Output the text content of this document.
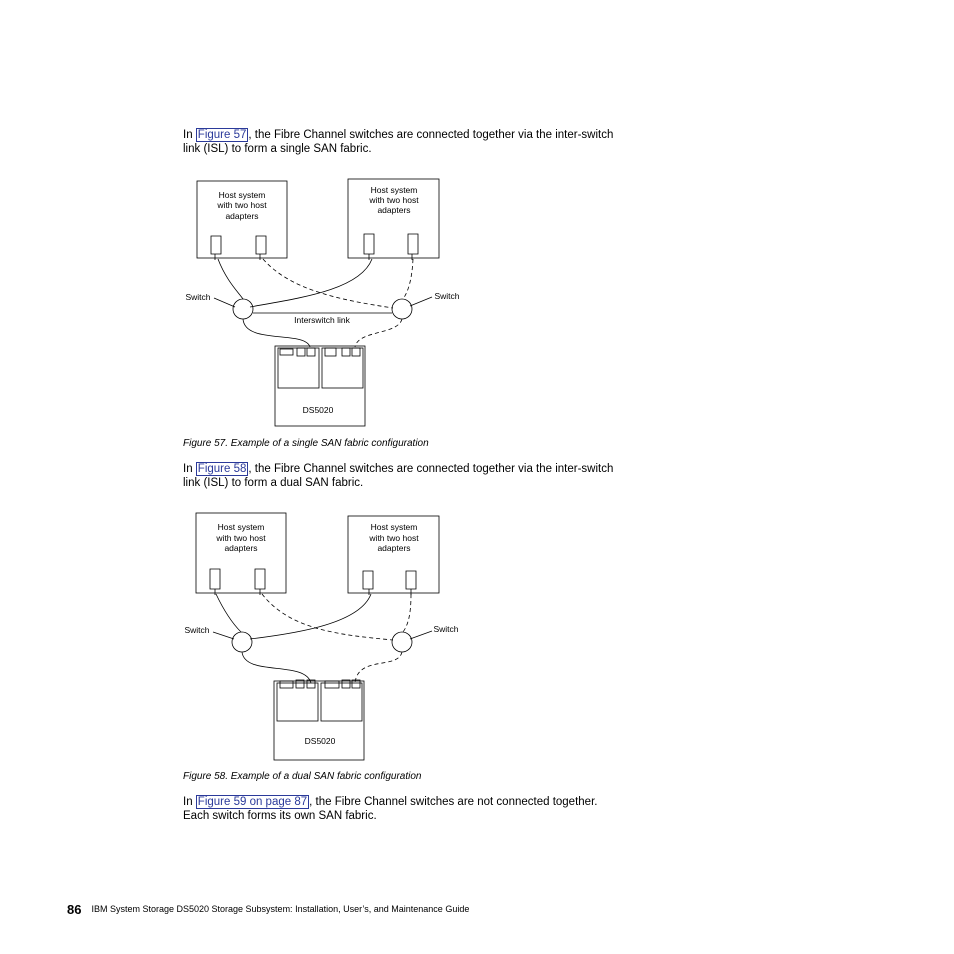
In Figure 57 , the Fibre Channel switches are connected together via the inter-switch link (ISL) to form a single SAN fabric.
Host system
with two host
adapters
Host system
with two host
adapters
Switch	Switch
Interswitch link
DS5020
Figure 57. Example of a single SAN fabric configuration
In Figure 58 , the Fibre Channel switches are connected together via the inter-switch link (ISL) to form a dual SAN fabric.
Host system
with two host
adapters
Host system
with two host
adapters
Switch	Switch
DS5020
Figure 58. Example of a dual SAN fabric configuration
In Figure 59 on page 87 , the Fibre Channel switches are not connected together. Each switch forms its own SAN fabric.
86 IBM System Storage DS5020 Storage Subsystem: Installation, User’s, and Maintenance Guide
